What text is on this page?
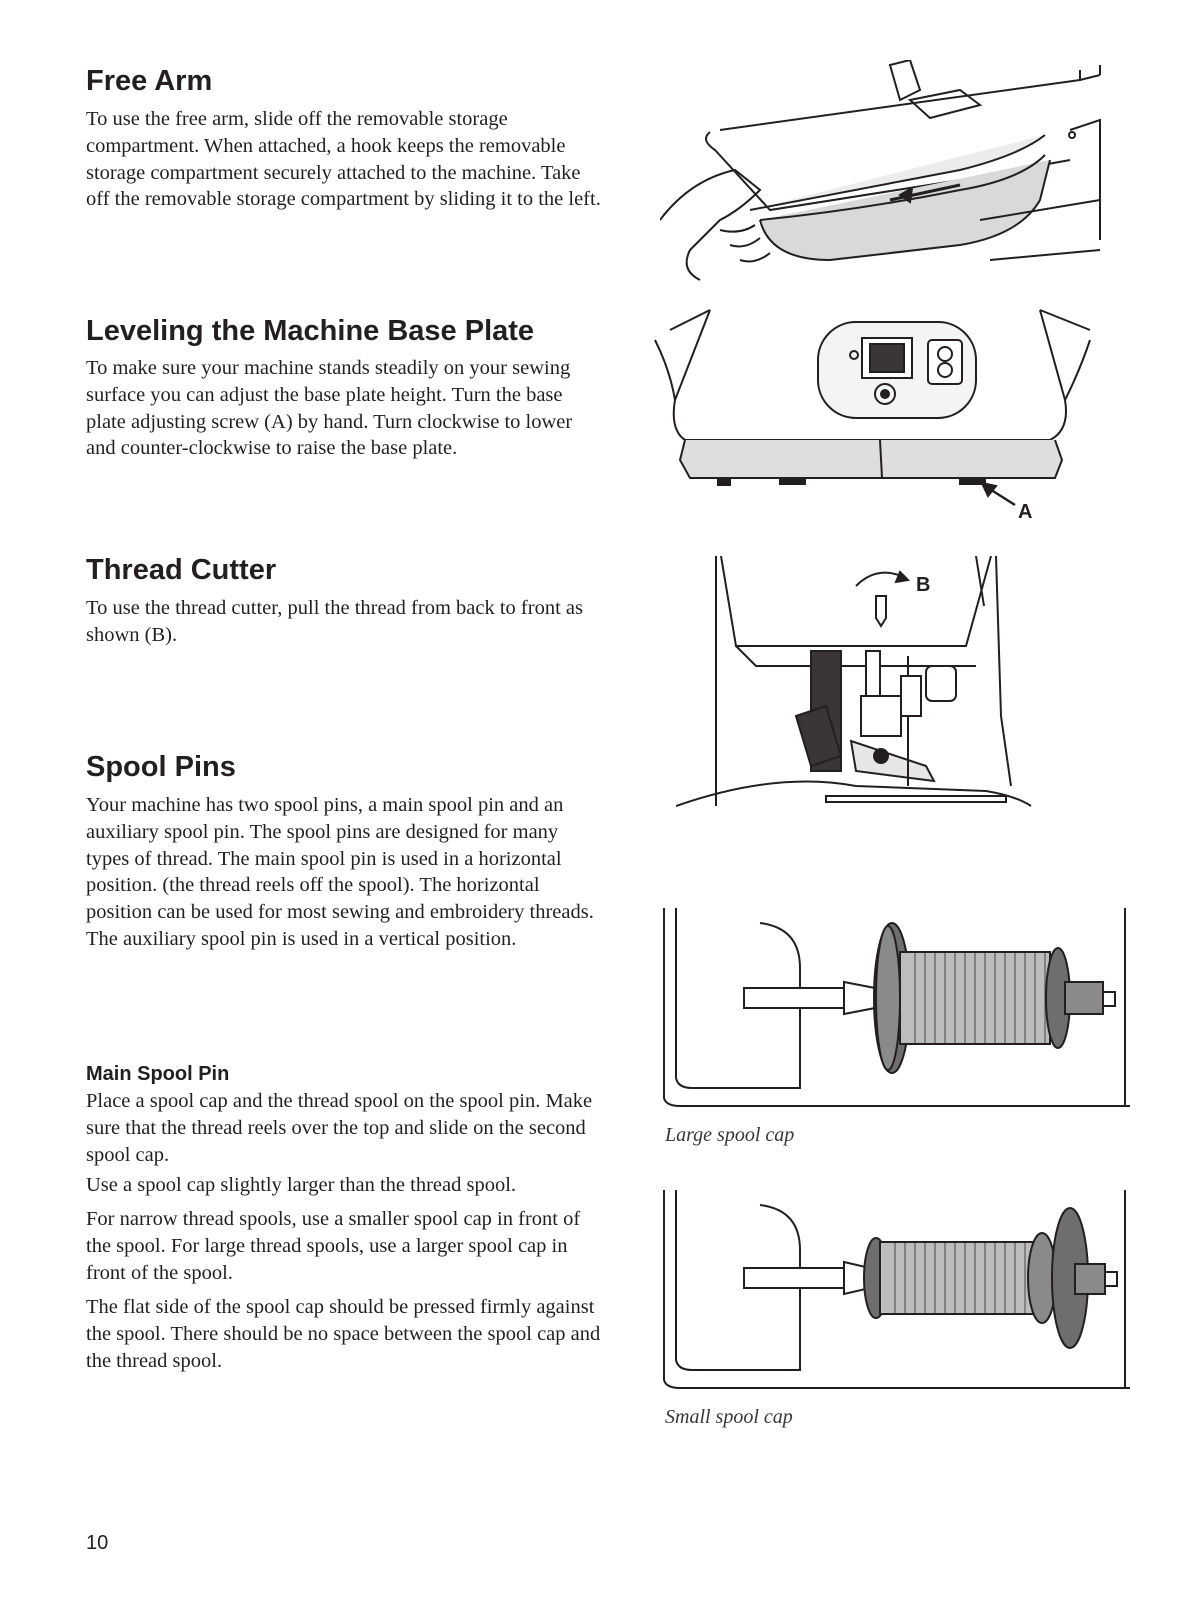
Free Arm

To use the free arm, slide off the removable storage compartment. When attached, a hook keeps the removable storage compartment securely attached to the machine. Take off the removable storage compartment by sliding it to the left.

Leveling the Machine Base Plate

To make sure your machine stands steadily on your sewing surface you can adjust the base plate height. Turn the base plate adjusting screw (A) by hand. Turn clockwise to lower and counter-clockwise to raise the base plate.

Thread Cutter

To use the thread cutter, pull the thread from back to front as shown (B).

Spool Pins

Your machine has two spool pins, a main spool pin and an auxiliary spool pin. The spool pins are designed for many types of thread. The main spool pin is used in a horizontal position. (the thread reels off the spool). The horizontal position can be used for most sewing and embroidery threads. The auxiliary spool pin is used in a vertical position.

Main Spool Pin

Place a spool cap and the thread spool on the spool pin. Make sure that the thread reels over the top and slide on the second spool cap.

Use a spool cap slightly larger than the thread spool.

For narrow thread spools, use a smaller spool cap in front of the spool. For large thread spools, use a larger spool cap in front of the spool.

The flat side of the spool cap should be pressed firmly against the spool. There should be no space between the spool cap and the thread spool.

10
A
B
Large spool cap
Small spool cap
